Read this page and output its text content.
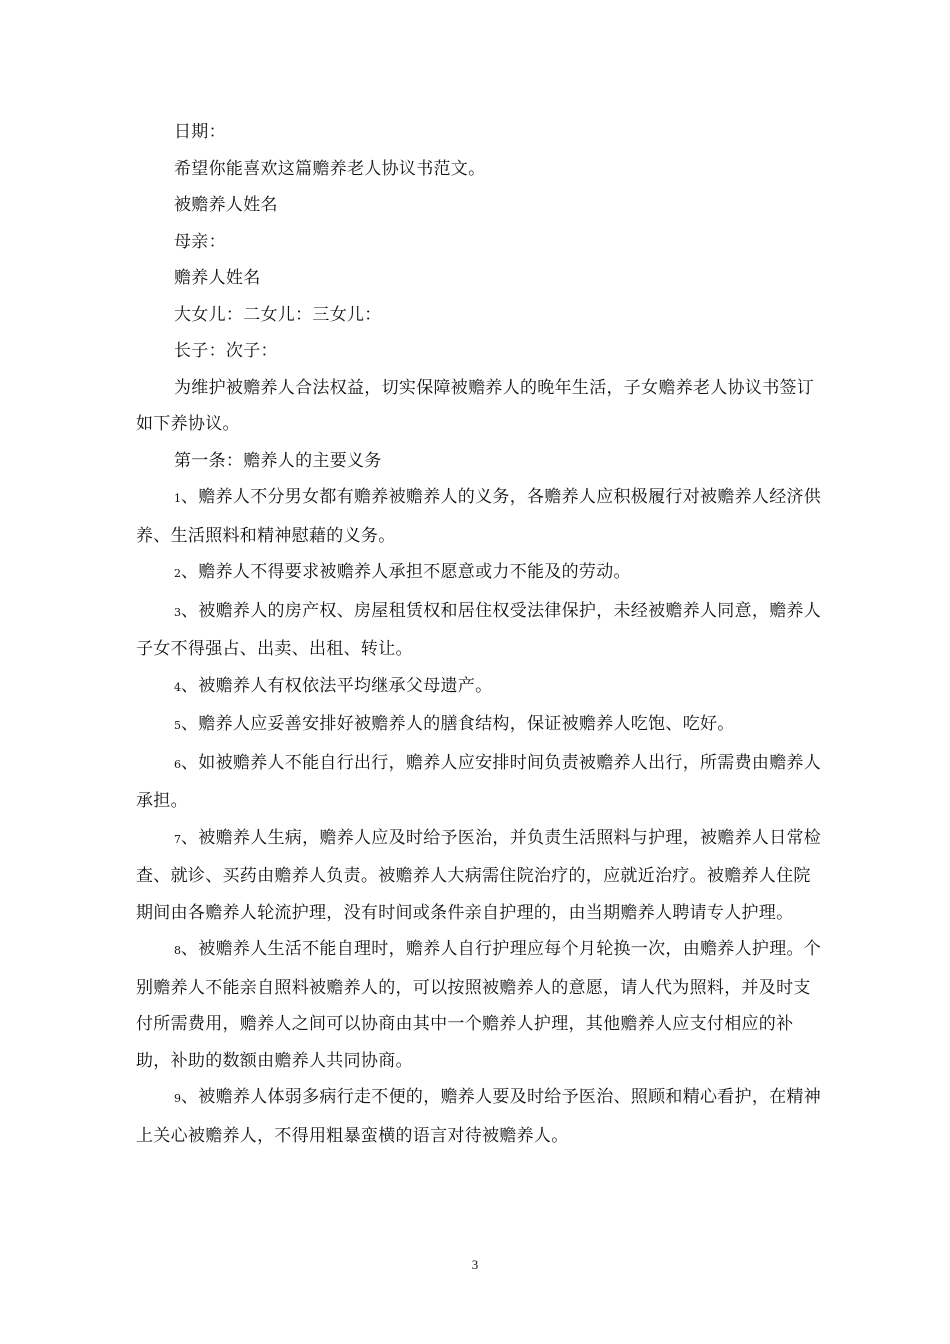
日期：

希望你能喜欢这篇赡养老人协议书范文。

被赡养人姓名

母亲：

赡养人姓名

大女儿：二女儿：三女儿：

长子：次子：

为维护被赡养人合法权益，切实保障被赡养人的晚年生活，子女赡养老人协议书签订如下养协议。

第一条：赡养人的主要义务

1、赡养人不分男女都有赡养被赡养人的义务，各赡养人应积极履行对被赡养人经济供养、生活照料和精神慰藉的义务。

2、赡养人不得要求被赡养人承担不愿意或力不能及的劳动。

3、被赡养人的房产权、房屋租赁权和居住权受法律保护，未经被赡养人同意，赡养人子女不得强占、出卖、出租、转让。

4、被赡养人有权依法平均继承父母遗产。

5、赡养人应妥善安排好被赡养人的膳食结构，保证被赡养人吃饱、吃好。

6、如被赡养人不能自行出行，赡养人应安排时间负责被赡养人出行，所需费由赡养人承担。

7、被赡养人生病，赡养人应及时给予医治，并负责生活照料与护理，被赡养人日常检查、就诊、买药由赡养人负责。被赡养人大病需住院治疗的，应就近治疗。被赡养人住院期间由各赡养人轮流护理，没有时间或条件亲自护理的，由当期赡养人聘请专人护理。

8、被赡养人生活不能自理时，赡养人自行护理应每个月轮换一次，由赡养人护理。个别赡养人不能亲自照料被赡养人的，可以按照被赡养人的意愿，请人代为照料，并及时支付所需费用，赡养人之间可以协商由其中一个赡养人护理，其他赡养人应支付相应的补助，补助的数额由赡养人共同协商。

9、被赡养人体弱多病行走不便的，赡养人要及时给予医治、照顾和精心看护，在精神上关心被赡养人，不得用粗暴蛮横的语言对待被赡养人。

3
